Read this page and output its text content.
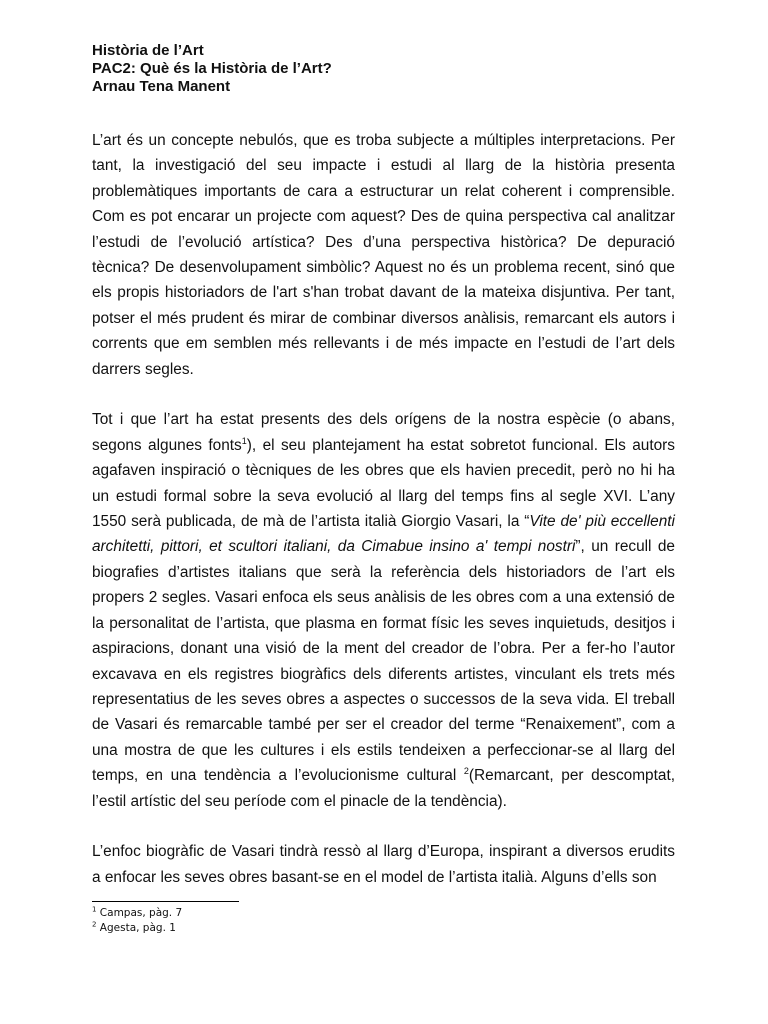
Història de l’Art
PAC2: Què és la Història de l’Art?
Arnau Tena Manent

L’art és un concepte nebulós, que es troba subjecte a múltiples interpretacions. Per tant, la investigació del seu impacte i estudi al llarg de la història presenta problemàtiques importants de cara a estructurar un relat coherent i comprensible. Com es pot encarar un projecte com aquest? Des de quina perspectiva cal analitzar l’estudi de l’evolució artística? Des d’una perspectiva històrica? De depuració tècnica? De desenvolupament simbòlic? Aquest no és un problema recent, sinó que els propis historiadors de l'art s'han trobat davant de la mateixa disjuntiva. Per tant, potser el més prudent és mirar de combinar diversos anàlisis, remarcant els autors i corrents que em semblen més rellevants i de més impacte en l’estudi de l’art dels darrers segles.

Tot i que l’art ha estat presents des dels orígens de la nostra espècie (o abans, segons algunes fonts$^1$), el seu plantejament ha estat sobretot funcional. Els autors agafaven inspiració o tècniques de les obres que els havien precedit, però no hi ha un estudi formal sobre la seva evolució al llarg del temps fins al segle XVI. L’any 1550 serà publicada, de mà de l’artista italià Giorgio Vasari, la “Vite de' più eccellenti architetti, pittori, et scultori italiani, da Cimabue insino a' tempi nostri”, un recull de biografies d’artistes italians que serà la referència dels historiadors de l’art els propers 2 segles. Vasari enfoca els seus anàlisis de les obres com a una extensió de la personalitat de l’artista, que plasma en format físic les seves inquietuds, desitjos i aspiracions, donant una visió de la ment del creador de l’obra. Per a fer-ho l’autor excavava en els registres biogràfics dels diferents artistes, vinculant els trets més representatius de les seves obres a aspectes o successos de la seva vida. El treball de Vasari és remarcable també per ser el creador del terme “Renaixement”, com a una mostra de que les cultures i els estils tendeixen a perfeccionar-se al llarg del temps, en una tendència a l’evolucionisme cultural $^2$(Remarcant, per descomptat, l’estil artístic del seu període com el pinacle de la tendència).

L’enfoc biogràfic de Vasari tindrà ressò al llarg d’Europa, inspirant a diversos erudits a enfocar les seves obres basant-se en el model de l’artista italià. Alguns d’ells son

$^1$ Campas, pàg. 7
$^2$ Agesta, pàg. 1
